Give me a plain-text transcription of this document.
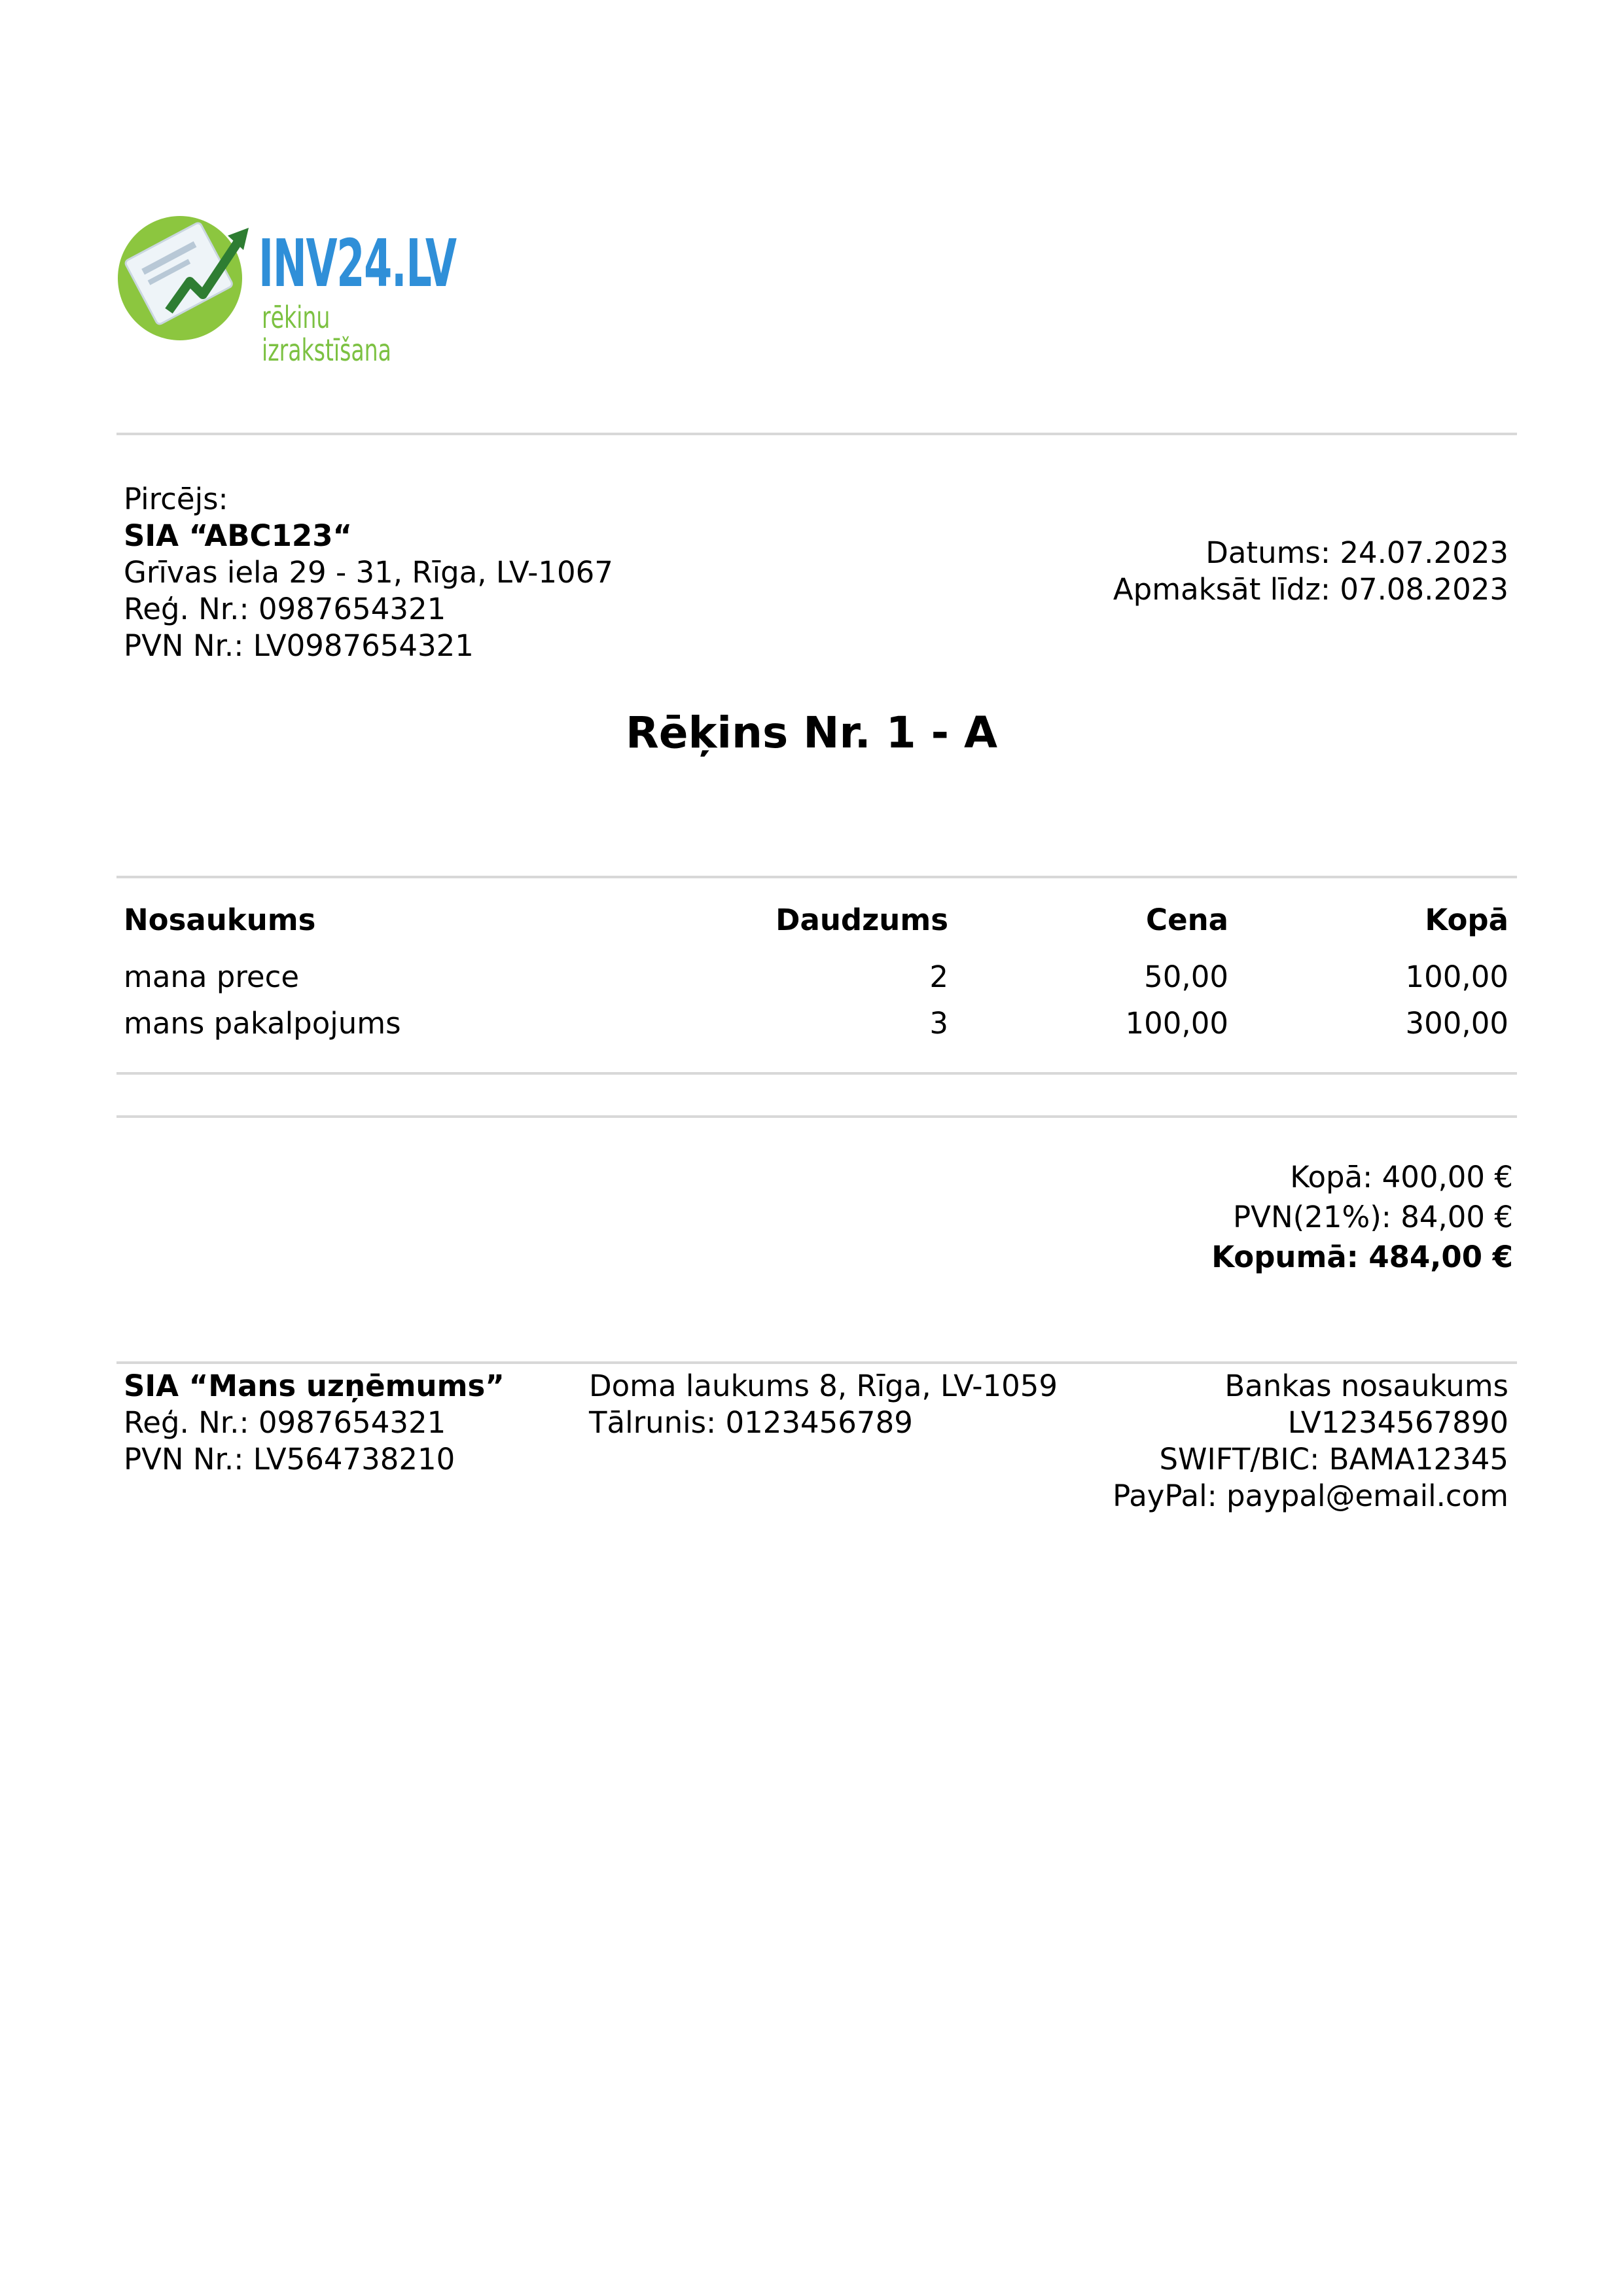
INV24.LV
rēkinu izrakstīšana
Pircējs:
SIA “ABC123“
Grīvas iela 29 - 31, Rīga, LV-1067
Reģ. Nr.: 0987654321
PVN Nr.: LV0987654321
Datums: 24.07.2023
Apmaksāt līdz: 07.08.2023
Rēķins Nr. 1 - A
Nosaukums	Daudzums	Cena	Kopā
mana prece	2	50,00	100,00
mans pakalpojums	3	100,00	300,00
Kopā: 400,00 €
PVN(21%): 84,00 €
Kopumā: 484,00 €
SIA “Mans uzņēmums”
Reģ. Nr.: 0987654321
PVN Nr.: LV564738210
Doma laukums 8, Rīga, LV-1059
Tālrunis: 0123456789
Bankas nosaukums
LV1234567890
SWIFT/BIC: BAMA12345
PayPal: paypal@email.com
